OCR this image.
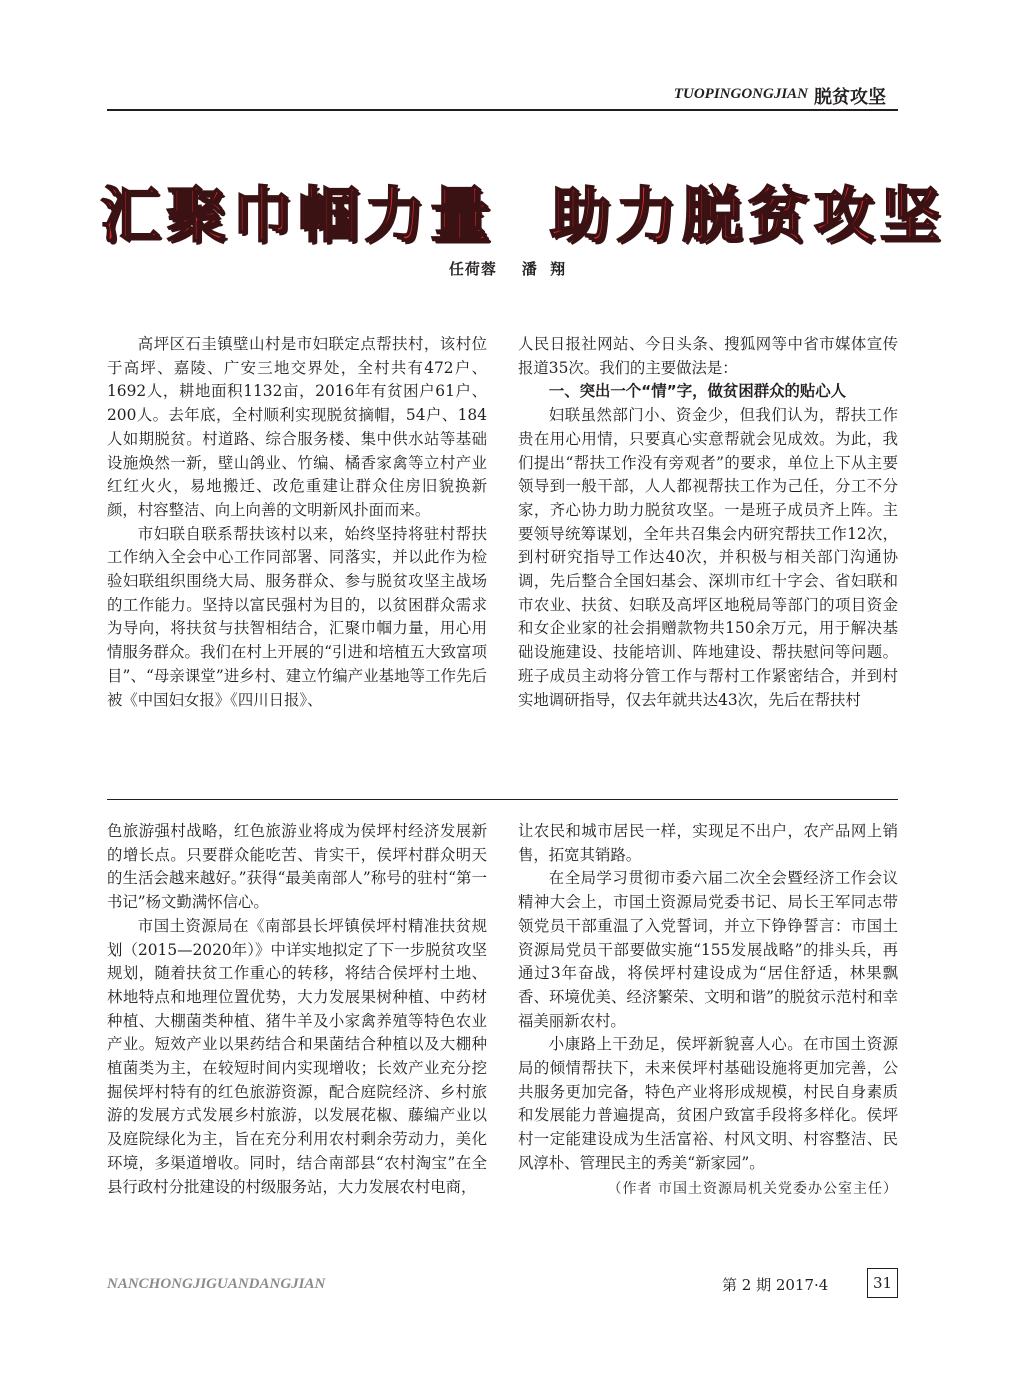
TUOPINGONGJIAN 脱贫攻坚
汇聚巾帼力量  助力脱贫攻坚
任荷蓉    潘  翔

高坪区石圭镇壁山村是市妇联定点帮扶村，该村位于高坪、嘉陵、广安三地交界处，全村共有472户、1692人，耕地面积1132亩，2016年有贫困户61户、200人。去年底，全村顺利实现脱贫摘帽，54户、184人如期脱贫。村道路、综合服务楼、集中供水站等基础设施焕然一新，壁山鸽业、竹编、橘香家禽等立村产业红红火火，易地搬迁、改危重建让群众住房旧貌换新颜，村容整洁、向上向善的文明新风扑面而来。

市妇联自联系帮扶该村以来，始终坚持将驻村帮扶工作纳入全会中心工作同部署、同落实，并以此作为检验妇联组织围绕大局、服务群众、参与脱贫攻坚主战场的工作能力。坚持以富民强村为目的，以贫困群众需求为导向，将扶贫与扶智相结合，汇聚巾帼力量，用心用情服务群众。我们在村上开展的“引进和培植五大致富项目”、“母亲课堂”进乡村、建立竹编产业基地等工作先后被《中国妇女报》《四川日报》、

人民日报社网站、今日头条、搜狐网等中省市媒体宣传报道35次。我们的主要做法是：

一、突出一个“情”字，做贫困群众的贴心人

妇联虽然部门小、资金少，但我们认为，帮扶工作贵在用心用情，只要真心实意帮就会见成效。为此，我们提出“帮扶工作没有旁观者”的要求，单位上下从主要领导到一般干部，人人都视帮扶工作为己任，分工不分家，齐心协力助力脱贫攻坚。一是班子成员齐上阵。主要领导统筹谋划，全年共召集会内研究帮扶工作12次，到村研究指导工作达40次，并积极与相关部门沟通协调，先后整合全国妇基会、深圳市红十字会、省妇联和市农业、扶贫、妇联及高坪区地税局等部门的项目资金和女企业家的社会捐赠款物共150余万元，用于解决基础设施建设、技能培训、阵地建设、帮扶慰问等问题。班子成员主动将分管工作与帮村工作紧密结合，并到村实地调研指导，仅去年就共达43次，先后在帮扶村

色旅游强村战略，红色旅游业将成为侯坪村经济发展新的增长点。只要群众能吃苦、肯实干，侯坪村群众明天的生活会越来越好。”获得“最美南部人”称号的驻村“第一书记”杨文勤满怀信心。

市国土资源局在《南部县长坪镇侯坪村精准扶贫规划（2015—2020年）》中详实地拟定了下一步脱贫攻坚规划，随着扶贫工作重心的转移，将结合侯坪村土地、林地特点和地理位置优势，大力发展果树种植、中药材种植、大棚菌类种植、猪牛羊及小家禽养殖等特色农业产业。短效产业以果药结合和果菌结合种植以及大棚种植菌类为主，在较短时间内实现增收；长效产业充分挖掘侯坪村特有的红色旅游资源，配合庭院经济、乡村旅游的发展方式发展乡村旅游，以发展花椒、藤编产业以及庭院绿化为主，旨在充分利用农村剩余劳动力，美化环境，多渠道增收。同时，结合南部县“农村淘宝”在全县行政村分批建设的村级服务站，大力发展农村电商，

让农民和城市居民一样，实现足不出户，农产品网上销售，拓宽其销路。

在全局学习贯彻市委六届二次全会暨经济工作会议精神大会上，市国土资源局党委书记、局长王军同志带领党员干部重温了入党誓词，并立下铮铮誓言：市国土资源局党员干部要做实施“155发展战略”的排头兵，再通过3年奋战，将侯坪村建设成为“居住舒适，林果飘香、环境优美、经济繁荣、文明和谐”的脱贫示范村和幸福美丽新农村。

小康路上干劲足，侯坪新貌喜人心。在市国土资源局的倾情帮扶下，未来侯坪村基础设施将更加完善，公共服务更加完备，特色产业将形成规模，村民自身素质和发展能力普遍提高，贫困户致富手段将多样化。侯坪村一定能建设成为生活富裕、村风文明、村容整洁、民风淳朴、管理民主的秀美“新家园”。

（作者 市国土资源局机关党委办公室主任）

NANCHONGJIGUANDANGJIAN	第 2 期 2017·4	31
